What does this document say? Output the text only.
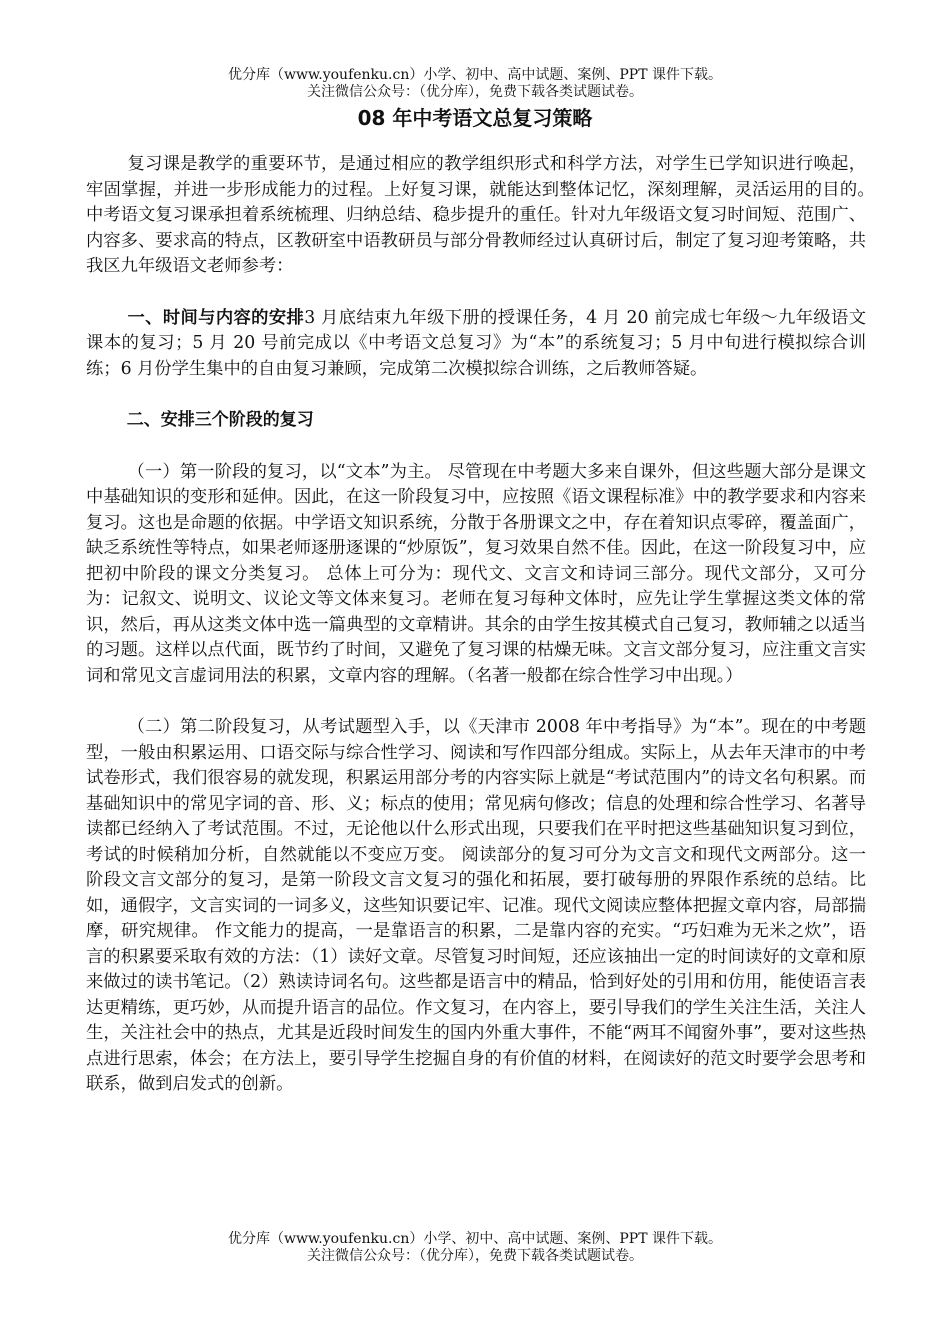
优分库（www.youfenku.cn）小学、初中、高中试题、案例、PPT 课件下载。
关注微信公众号：（优分库），免费下载各类试题试卷。
08 年中考语文总复习策略

复习课是教学的重要环节，是通过相应的教学组织形式和科学方法，对学生已学知识进行唤起，牢固掌握，并进一步形成能力的过程。上好复习课，就能达到整体记忆，深刻理解，灵活运用的目的。　中考语文复习课承担着系统梳理、归纳总结、稳步提升的重任。针对九年级语文复习时间短、范围广、内容多、要求高的特点，区教研室中语教研员与部分骨教师经过认真研讨后，制定了复习迎考策略，共我区九年级语文老师参考：

一、时间与内容的安排3 月底结束九年级下册的授课任务，4 月 20 前完成七年级～九年级语文课本的复习；5 月 20 号前完成以《中考语文总复习》为“本”的系统复习；5 月中旬进行模拟综合训练；6 月份学生集中的自由复习兼顾，完成第二次模拟综合训练，之后教师答疑。

二、安排三个阶段的复习

（一）第一阶段的复习，以“文本”为主。 尽管现在中考题大多来自课外，但这些题大部分是课文中基础知识的变形和延伸。因此，在这一阶段复习中，应按照《语文课程标准》中的教学要求和内容来复习。这也是命题的依据。中学语文知识系统，分散于各册课文之中，存在着知识点零碎，覆盖面广，缺乏系统性等特点，如果老师逐册逐课的“炒原饭”，复习效果自然不佳。因此，在这一阶段复习中，应把初中阶段的课文分类复习。 总体上可分为：现代文、文言文和诗词三部分。现代文部分，又可分为：记叙文、说明文、议论文等文体来复习。老师在复习每种文体时，应先让学生掌握这类文体的常识，然后，再从这类文体中选一篇典型的文章精讲。其余的由学生按其模式自己复习，教师辅之以适当的习题。这样以点代面，既节约了时间，又避免了复习课的枯燥无味。文言文部分复习，应注重文言实词和常见文言虚词用法的积累，文章内容的理解。（名著一般都在综合性学习中出现。）

（二）第二阶段复习，从考试题型入手，以《天津市 2008 年中考指导》为“本”。现在的中考题型，一般由积累运用、口语交际与综合性学习、阅读和写作四部分组成。实际上，从去年天津市的中考试卷形式，我们很容易的就发现，积累运用部分考的内容实际上就是“考试范围内”的诗文名句积累。而基础知识中的常见字词的音、形、义；标点的使用；常见病句修改；信息的处理和综合性学习、名著导读都已经纳入了考试范围。不过，无论他以什么形式出现，只要我们在平时把这些基础知识复习到位，考试的时候稍加分析，自然就能以不变应万变。 阅读部分的复习可分为文言文和现代文两部分。这一阶段文言文部分的复习，是第一阶段文言文复习的强化和拓展，要打破每册的界限作系统的总结。比如，通假字，文言实词的一词多义，这些知识要记牢、记准。现代文阅读应整体把握文章内容，局部揣摩，研究规律。 作文能力的提高，一是靠语言的积累，二是靠内容的充实。“巧妇难为无米之炊”，语言的积累要采取有效的方法：（1）读好文章。尽管复习时间短，还应该抽出一定的时间读好的文章和原来做过的读书笔记。（2）熟读诗词名句。这些都是语言中的精品，恰到好处的引用和仿用，能使语言表达更精练，更巧妙，从而提升语言的品位。作文复习，在内容上，要引导我们的学生关注生活，关注人生，关注社会中的热点，尤其是近段时间发生的国内外重大事件，不能“两耳不闻窗外事”，要对这些热点进行思索，体会；在方法上，要引导学生挖掘自身的有价值的材料，在阅读好的范文时要学会思考和联系，做到启发式的创新。

优分库（www.youfenku.cn）小学、初中、高中试题、案例、PPT 课件下载。
关注微信公众号：（优分库），免费下载各类试题试卷。
